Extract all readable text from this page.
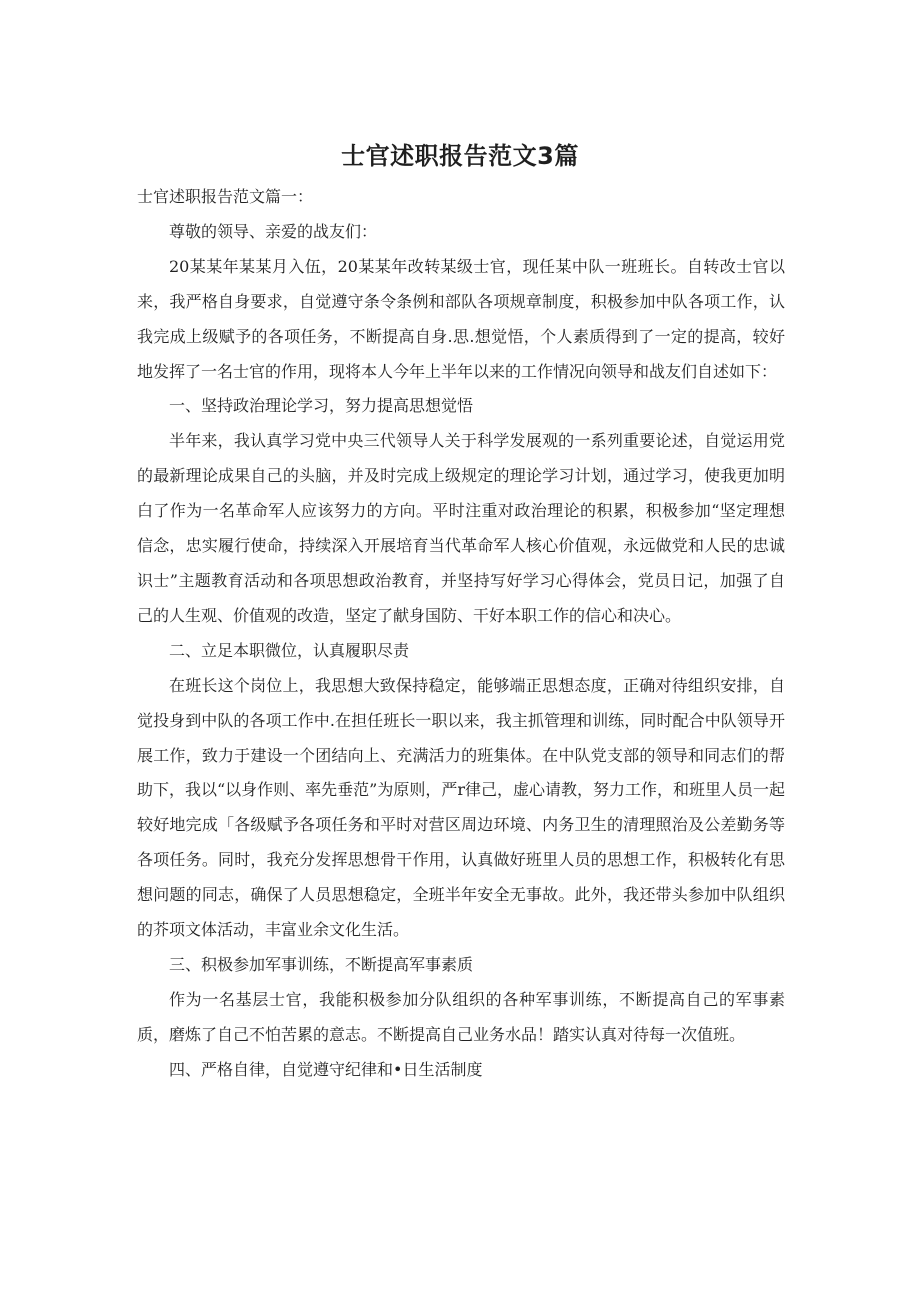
士官述职报告范文3篇

士官述职报告范文篇一：

尊敬的领导、亲爱的战友们：

20某某年某某月入伍，20某某年改转某级士官，现任某中队一班班长。自转改士官以来，我严格自身要求，自觉遵守条令条例和部队各项规章制度，积极参加中队各项工作，认我完成上级赋予的各项任务，不断提高自身.思.想觉悟，个人素质得到了一定的提高，较好地发挥了一名士官的作用，现将本人今年上半年以来的工作情况向领导和战友们自述如下：

一、坚持政治理论学习，努力提高思想觉悟

半年来，我认真学习党中央三代领导人关于科学发展观的一系列重要论述，自觉运用党的最新理论成果自己的头脑，并及时完成上级规定的理论学习计划，通过学习，使我更加明白了作为一名革命军人应该努力的方向。平时注重对政治理论的积累，积极参加“坚定理想信念，忠实履行使命，持续深入开展培育当代革命军人核心价值观，永远做党和人民的忠诚识士”主题教育活动和各项思想政治教育，并坚持写好学习心得体会，党员日记，加强了自己的人生观、价值观的改造，坚定了献身国防、干好本职工作的信心和决心。

二、立足本职微位，认真履职尽责

在班长这个岗位上，我思想大致保持稳定，能够端正思想态度，正确对待组织安排，自觉投身到中队的各项工作中.在担任班长一职以来，我主抓管理和训练，同时配合中队领导开展工作，致力于建设一个团结向上、充满活力的班集体。在中队党支部的领导和同志们的帮助下，我以“以身作则、率先垂范”为原则，严r律己，虚心请教，努力工作，和班里人员一起较好地完成「各级赋予各项任务和平时对营区周边环境、内务卫生的清理照治及公差勤务等各项任务。同时，我充分发挥思想骨干作用，认真做好班里人员的思想工作，积极转化有思想问题的同志，确保了人员思想稳定，全班半年安全无事故。此外，我还带头参加中队组织的芥项文体活动，丰富业余文化生活。

三、积极参加军事训练，不断提高军事素质

作为一名基层士官，我能积极参加分队组织的各种军事训练，不断提高自己的军事素质，磨炼了自己不怕苦累的意志。不断提高自己业务水品！踏实认真对待每一次值班。

四、严格自律，自觉遵守纪律和•日生活制度
